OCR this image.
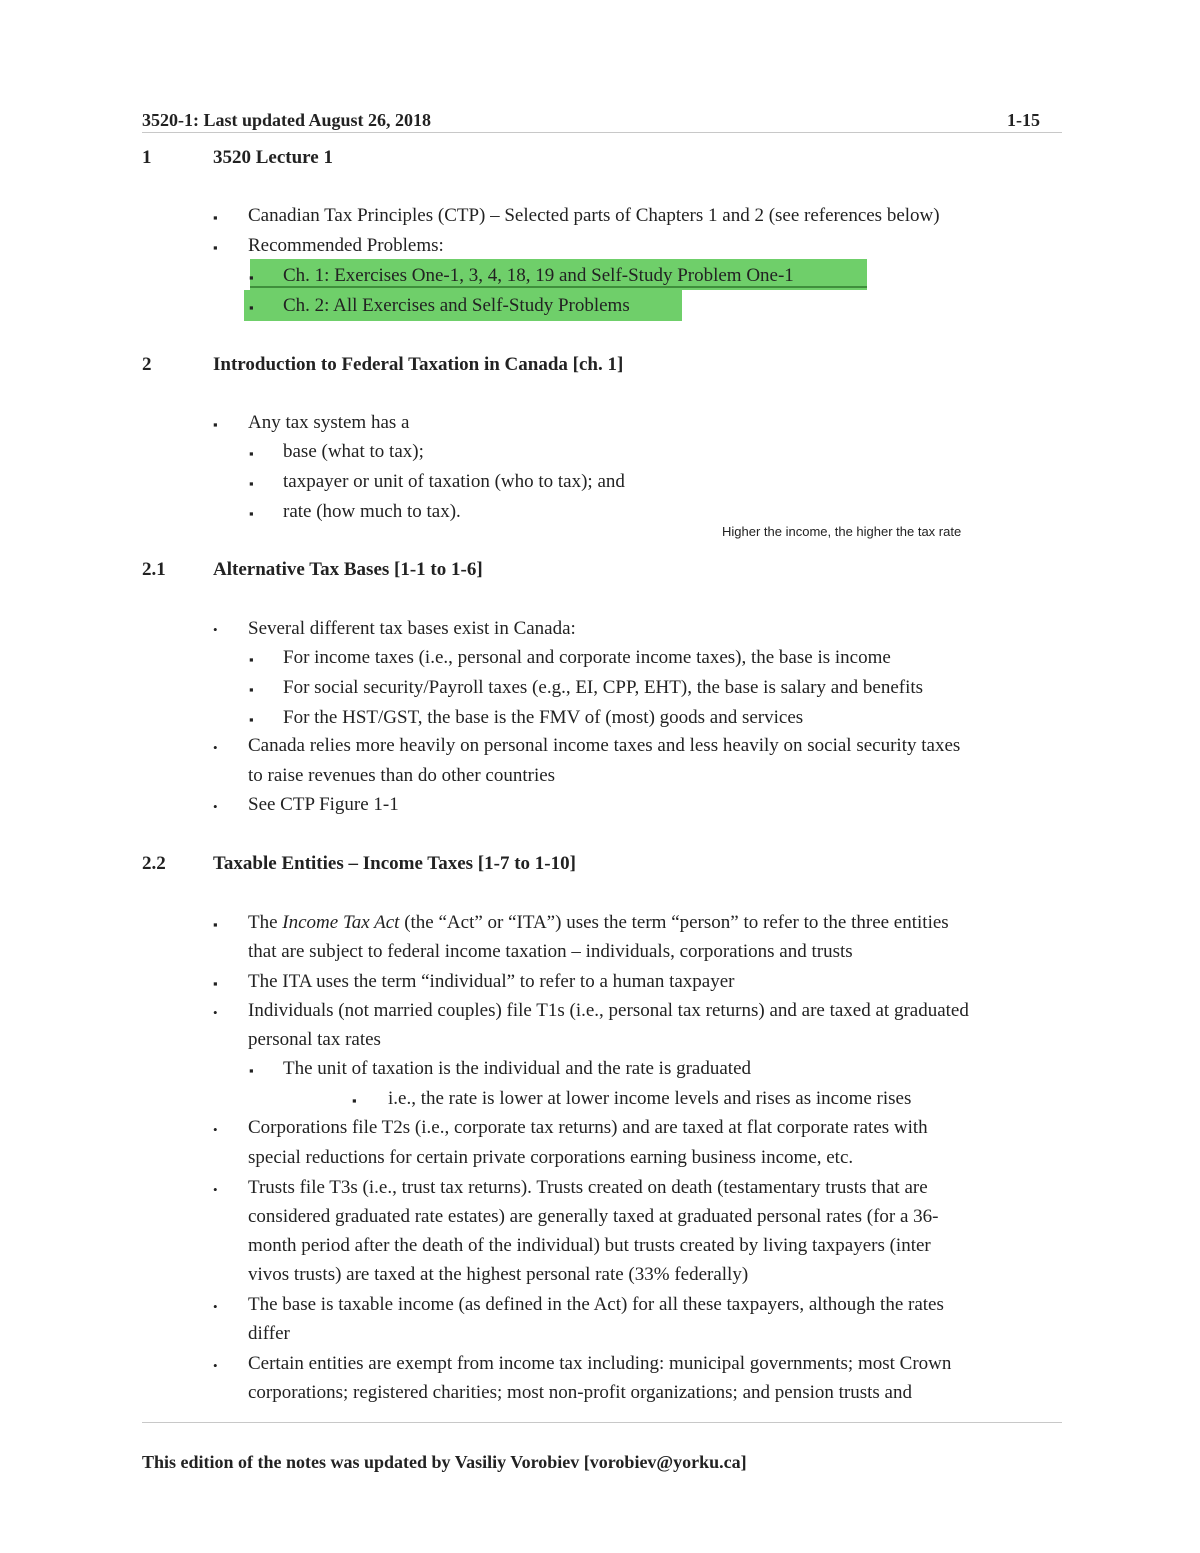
3520-1: Last updated August 26, 2018	1-15
1	3520 Lecture 1
▪ Canadian Tax Principles (CTP) – Selected parts of Chapters 1 and 2 (see references below)
▪ Recommended Problems:
▪ Ch. 1: Exercises One-1, 3, 4, 18, 19 and Self-Study Problem One-1
▪ Ch. 2: All Exercises and Self-Study Problems
2	Introduction to Federal Taxation in Canada [ch. 1]
▪ Any tax system has a
▪ base (what to tax);
▪ taxpayer or unit of taxation (who to tax); and
▪ rate (how much to tax).
Higher the income, the higher the tax rate
2.1 Alternative Tax Bases [1-1 to 1-6]
• Several different tax bases exist in Canada:
▪ For income taxes (i.e., personal and corporate income taxes), the base is income
▪ For social security/Payroll taxes (e.g., EI, CPP, EHT), the base is salary and benefits
▪ For the HST/GST, the base is the FMV of (most) goods and services
• Canada relies more heavily on personal income taxes and less heavily on social security taxes
to raise revenues than do other countries
• See CTP Figure 1-1
2.2 Taxable Entities – Income Taxes [1-7 to 1-10]
▪ The Income Tax Act (the “Act” or “ITA”) uses the term “person” to refer to the three entities
that are subject to federal income taxation – individuals, corporations and trusts
▪ The ITA uses the term “individual” to refer to a human taxpayer
• Individuals (not married couples) file T1s (i.e., personal tax returns) and are taxed at graduated
personal tax rates
▪ The unit of taxation is the individual and the rate is graduated
▪ i.e., the rate is lower at lower income levels and rises as income rises
• Corporations file T2s (i.e., corporate tax returns) and are taxed at flat corporate rates with
special reductions for certain private corporations earning business income, etc.
• Trusts file T3s (i.e., trust tax returns). Trusts created on death (testamentary trusts that are
considered graduated rate estates) are generally taxed at graduated personal rates (for a 36-
month period after the death of the individual) but trusts created by living taxpayers (inter
vivos trusts) are taxed at the highest personal rate (33% federally)
• The base is taxable income (as defined in the Act) for all these taxpayers, although the rates
differ
• Certain entities are exempt from income tax including: municipal governments; most Crown
corporations; registered charities; most non-profit organizations; and pension trusts and
This edition of the notes was updated by Vasiliy Vorobiev [vorobiev@yorku.ca]
